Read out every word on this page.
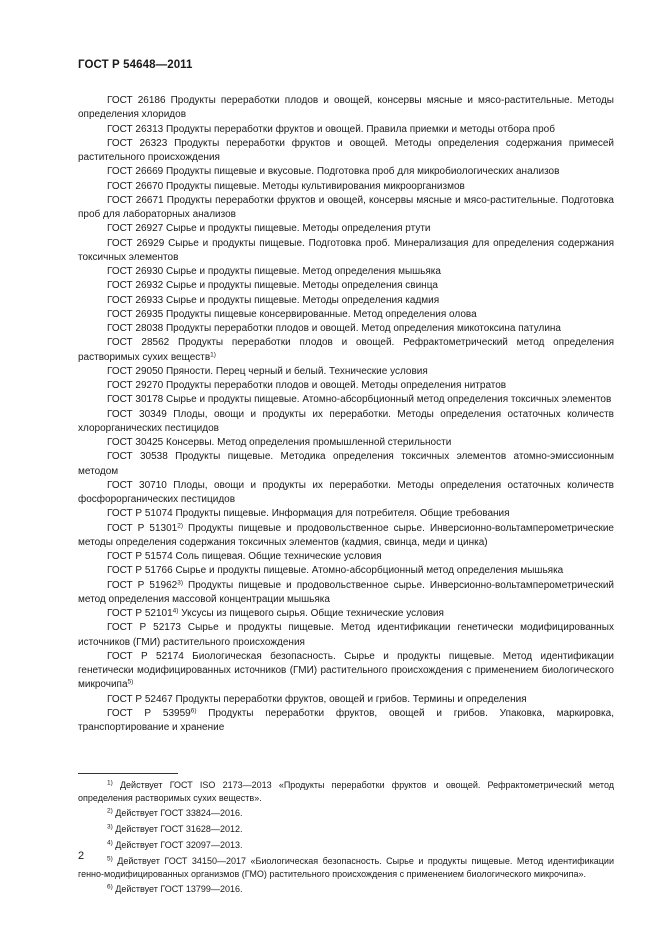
ГОСТ Р 54648—2011

ГОСТ 26186 Продукты переработки плодов и овощей, консервы мясные и мясо-растительные. Методы определения хлоридов

ГОСТ 26313 Продукты переработки фруктов и овощей. Правила приемки и методы отбора проб

ГОСТ 26323 Продукты переработки фруктов и овощей. Методы определения содержания примесей растительного происхождения

ГОСТ 26669 Продукты пищевые и вкусовые. Подготовка проб для микробиологических анализов

ГОСТ 26670 Продукты пищевые. Методы культивирования микроорганизмов

ГОСТ 26671 Продукты переработки фруктов и овощей, консервы мясные и мясо-растительные. Подготовка проб для лабораторных анализов

ГОСТ 26927 Сырье и продукты пищевые. Методы определения ртути

ГОСТ 26929 Сырье и продукты пищевые. Подготовка проб. Минерализация для определения содержания токсичных элементов

ГОСТ 26930 Сырье и продукты пищевые. Метод определения мышьяка

ГОСТ 26932 Сырье и продукты пищевые. Методы определения свинца

ГОСТ 26933 Сырье и продукты пищевые. Методы определения кадмия

ГОСТ 26935 Продукты пищевые консервированные. Метод определения олова

ГОСТ 28038 Продукты переработки плодов и овощей. Метод определения микотоксина патулина

ГОСТ 28562 Продукты переработки плодов и овощей. Рефрактометрический метод определения растворимых сухих веществ$^{1)}$

ГОСТ 29050 Пряности. Перец черный и белый. Технические условия

ГОСТ 29270 Продукты переработки плодов и овощей. Методы определения нитратов

ГОСТ 30178 Сырье и продукты пищевые. Атомно-абсорбционный метод определения токсичных элементов

ГОСТ 30349 Плоды, овощи и продукты их переработки. Методы определения остаточных количеств хлорорганических пестицидов

ГОСТ 30425 Консервы. Метод определения промышленной стерильности

ГОСТ 30538 Продукты пищевые. Методика определения токсичных элементов атомно-эмиссионным методом

ГОСТ 30710 Плоды, овощи и продукты их переработки. Методы определения остаточных количеств фосфорорганических пестицидов

ГОСТ Р 51074 Продукты пищевые. Информация для потребителя. Общие требования

ГОСТ Р 51301$^{2)}$ Продукты пищевые и продовольственное сырье. Инверсионно-вольтамперометрические методы определения содержания токсичных элементов (кадмия, свинца, меди и цинка)

ГОСТ Р 51574 Соль пищевая. Общие технические условия

ГОСТ Р 51766 Сырье и продукты пищевые. Атомно-абсорбционный метод определения мышьяка

ГОСТ Р 51962$^{3)}$ Продукты пищевые и продовольственное сырье. Инверсионно-вольтамперометрический метод определения массовой концентрации мышьяка

ГОСТ Р 52101$^{4)}$ Уксусы из пищевого сырья. Общие технические условия

ГОСТ Р 52173 Сырье и продукты пищевые. Метод идентификации генетически модифицированных источников (ГМИ) растительного происхождения

ГОСТ Р 52174 Биологическая безопасность. Сырье и продукты пищевые. Метод идентификации генетически модифицированных источников (ГМИ) растительного происхождения с применением биологического микрочипа$^{5)}$

ГОСТ Р 52467 Продукты переработки фруктов, овощей и грибов. Термины и определения

ГОСТ Р 53959$^{6)}$ Продукты переработки фруктов, овощей и грибов. Упаковка, маркировка, транспортирование и хранение

$^{1)}$ Действует ГОСТ ISO 2173—2013 «Продукты переработки фруктов и овощей. Рефрактометрический метод определения растворимых сухих веществ».

$^{2)}$ Действует ГОСТ 33824—2016.

$^{3)}$ Действует ГОСТ 31628—2012.

$^{4)}$ Действует ГОСТ 32097—2013.

$^{5)}$ Действует ГОСТ 34150—2017 «Биологическая безопасность. Сырье и продукты пищевые. Метод идентификации генно-модифицированных организмов (ГМО) растительного происхождения с применением биологического микрочипа».

$^{6)}$ Действует ГОСТ 13799—2016.

2
